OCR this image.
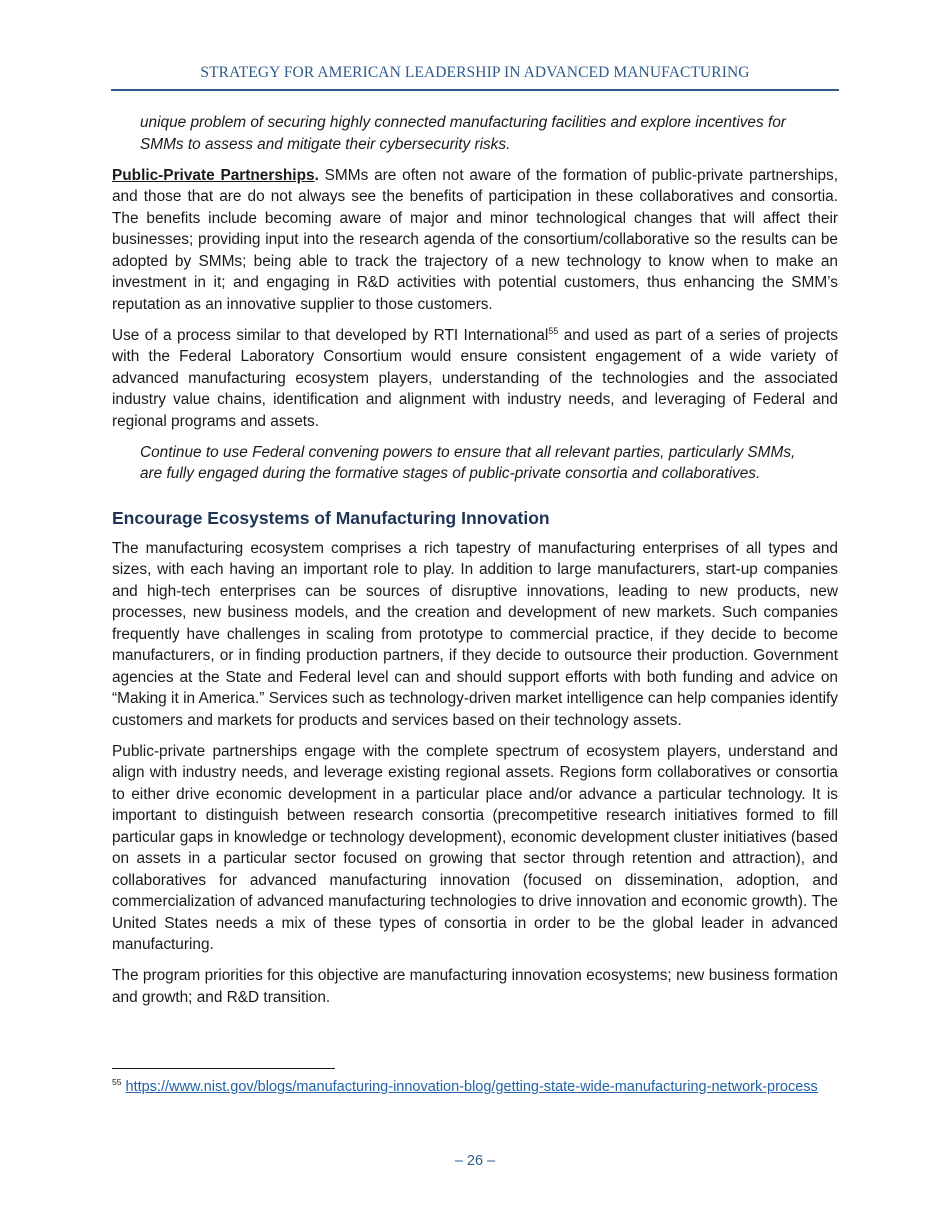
STRATEGY FOR AMERICAN LEADERSHIP IN ADVANCED MANUFACTURING

unique problem of securing highly connected manufacturing facilities and explore incentives for SMMs to assess and mitigate their cybersecurity risks.

Public-Private Partnerships. SMMs are often not aware of the formation of public-private partnerships, and those that are do not always see the benefits of participation in these collaboratives and consortia. The benefits include becoming aware of major and minor technological changes that will affect their businesses; providing input into the research agenda of the consortium/collaborative so the results can be adopted by SMMs; being able to track the trajectory of a new technology to know when to make an investment in it; and engaging in R&D activities with potential customers, thus enhancing the SMM’s reputation as an innovative supplier to those customers.

Use of a process similar to that developed by RTI International$^{55}$ and used as part of a series of projects with the Federal Laboratory Consortium would ensure consistent engagement of a wide variety of advanced manufacturing ecosystem players, understanding of the technologies and the associated industry value chains, identification and alignment with industry needs, and leveraging of Federal and regional programs and assets.

Continue to use Federal convening powers to ensure that all relevant parties, particularly SMMs, are fully engaged during the formative stages of public-private consortia and collaboratives.

Encourage Ecosystems of Manufacturing Innovation

The manufacturing ecosystem comprises a rich tapestry of manufacturing enterprises of all types and sizes, with each having an important role to play. In addition to large manufacturers, start-up companies and high-tech enterprises can be sources of disruptive innovations, leading to new products, new processes, new business models, and the creation and development of new markets. Such companies frequently have challenges in scaling from prototype to commercial practice, if they decide to become manufacturers, or in finding production partners, if they decide to outsource their production. Government agencies at the State and Federal level can and should support efforts with both funding and advice on “Making it in America.” Services such as technology-driven market intelligence can help companies identify customers and markets for products and services based on their technology assets.

Public-private partnerships engage with the complete spectrum of ecosystem players, understand and align with industry needs, and leverage existing regional assets. Regions form collaboratives or consortia to either drive economic development in a particular place and/or advance a particular technology. It is important to distinguish between research consortia (precompetitive research initiatives formed to fill particular gaps in knowledge or technology development), economic development cluster initiatives (based on assets in a particular sector focused on growing that sector through retention and attraction), and collaboratives for advanced manufacturing innovation (focused on dissemination, adoption, and commercialization of advanced manufacturing technologies to drive innovation and economic growth). The United States needs a mix of these types of consortia in order to be the global leader in advanced manufacturing.

The program priorities for this objective are manufacturing innovation ecosystems; new business formation and growth; and R&D transition.

$^{55}$ https://www.nist.gov/blogs/manufacturing-innovation-blog/getting-state-wide-manufacturing-network-process
– 26 –
